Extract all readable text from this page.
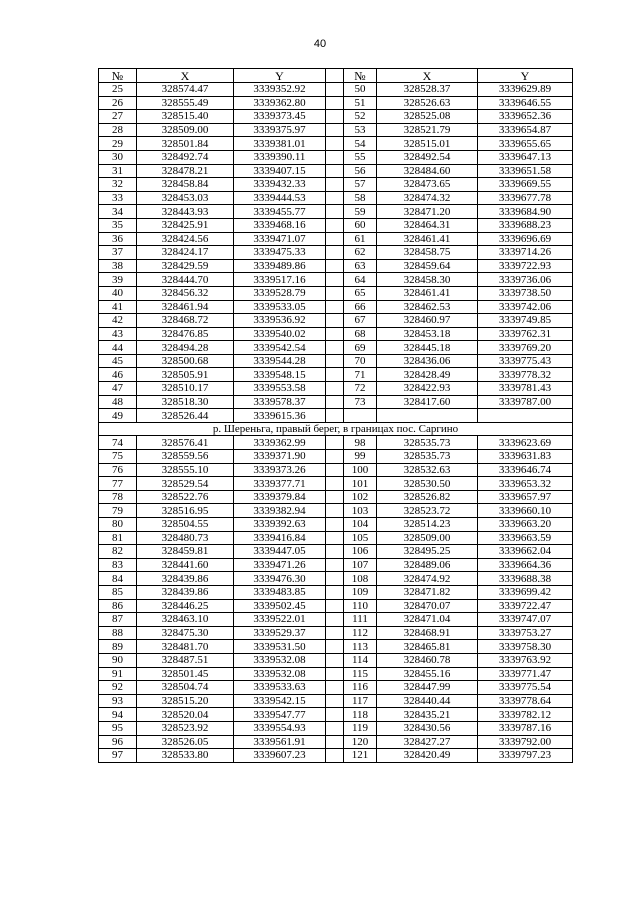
40
№	X	Y		№	X	Y
25	328574.47	3339352.92		50	328528.37	3339629.89
26	328555.49	3339362.80		51	328526.63	3339646.55
27	328515.40	3339373.45		52	328525.08	3339652.36
28	328509.00	3339375.97		53	328521.79	3339654.87
29	328501.84	3339381.01		54	328515.01	3339655.65
30	328492.74	3339390.11		55	328492.54	3339647.13
31	328478.21	3339407.15		56	328484.60	3339651.58
32	328458.84	3339432.33		57	328473.65	3339669.55
33	328453.03	3339444.53		58	328474.32	3339677.78
34	328443.93	3339455.77		59	328471.20	3339684.90
35	328425.91	3339468.16		60	328464.31	3339688.23
36	328424.56	3339471.07		61	328461.41	3339696.69
37	328424.17	3339475.33		62	328458.75	3339714.26
38	328429.59	3339489.86		63	328459.64	3339722.93
39	328444.70	3339517.16		64	328458.30	3339736.06
40	328456.32	3339528.79		65	328461.41	3339738.50
41	328461.94	3339533.05		66	328462.53	3339742.06
42	328468.72	3339536.92		67	328460.97	3339749.85
43	328476.85	3339540.02		68	328453.18	3339762.31
44	328494.28	3339542.54		69	328445.18	3339769.20
45	328500.68	3339544.28		70	328436.06	3339775.43
46	328505.91	3339548.15		71	328428.49	3339778.32
47	328510.17	3339553.58		72	328422.93	3339781.43
48	328518.30	3339578.37		73	328417.60	3339787.00
49	328526.44	3339615.36				
р. Шереньга, правый берег, в границах пос. Саргино						
74	328576.41	3339362.99		98	328535.73	3339623.69
75	328559.56	3339371.90		99	328535.73	3339631.83
76	328555.10	3339373.26		100	328532.63	3339646.74
77	328529.54	3339377.71		101	328530.50	3339653.32
78	328522.76	3339379.84		102	328526.82	3339657.97
79	328516.95	3339382.94		103	328523.72	3339660.10
80	328504.55	3339392.63		104	328514.23	3339663.20
81	328480.73	3339416.84		105	328509.00	3339663.59
82	328459.81	3339447.05		106	328495.25	3339662.04
83	328441.60	3339471.26		107	328489.06	3339664.36
84	328439.86	3339476.30		108	328474.92	3339688.38
85	328439.86	3339483.85		109	328471.82	3339699.42
86	328446.25	3339502.45		110	328470.07	3339722.47
87	328463.10	3339522.01		111	328471.04	3339747.07
88	328475.30	3339529.37		112	328468.91	3339753.27
89	328481.70	3339531.50		113	328465.81	3339758.30
90	328487.51	3339532.08		114	328460.78	3339763.92
91	328501.45	3339532.08		115	328455.16	3339771.47
92	328504.74	3339533.63		116	328447.99	3339775.54
93	328515.20	3339542.15		117	328440.44	3339778.64
94	328520.04	3339547.77		118	328435.21	3339782.12
95	328523.92	3339554.93		119	328430.56	3339787.16
96	328526.05	3339561.91		120	328427.27	3339792.00
97	328533.80	3339607.23		121	328420.49	3339797.23
